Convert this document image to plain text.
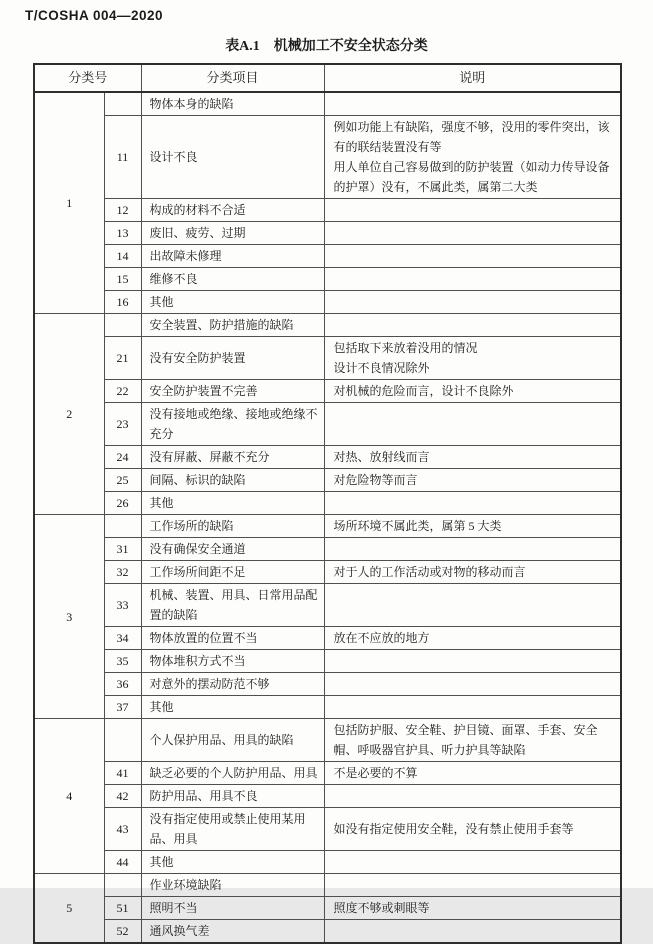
T/COSHA 004—2020
表A.1　机械加工不安全状态分类
分类号		分类项目	说明
1		物体本身的缺陷	
	11	设计不良	例如功能上有缺陷，强度不够，没用的零件突出，该有的联结装置没有等
用人单位自己容易做到的防护装置（如动力传导设备的护罩）没有，不属此类，属第二大类

	12	构成的材料不合适	
	13	废旧、疲劳、过期	
	14	出故障未修理	
	15	维修不良	
	16	其他	
2		安全装置、防护措施的缺陷	
	21	没有安全防护装置	包括取下来放着没用的情况
设计不良情况除外

	22	安全防护装置不完善	对机械的危险而言，设计不良除外

	23	没有接地或绝缘、接地或绝缘不充分	
	24	没有屏蔽、屏蔽不充分	对热、放射线而言

	25	间隔、标识的缺陷	对危险物等而言

	26	其他	
3		工作场所的缺陷	场所环境不属此类，属第 5 大类

	31	没有确保安全通道	
	32	工作场所间距不足	对于人的工作活动或对物的移动而言

	33	机械、装置、用具、日常用品配置的缺陷	
	34	物体放置的位置不当	放在不应放的地方

	35	物体堆积方式不当	
	36	对意外的摆动防范不够	
	37	其他	
4		个人保护用品、用具的缺陷	包括防护服、安全鞋、护目镜、面罩、手套、安全帽、呼吸器官护具、听力护具等缺陷

	41	缺乏必要的个人防护用品、用具	不是必要的不算

	42	防护用品、用具不良	
	43	没有指定使用或禁止使用某用品、用具	如没有指定使用安全鞋，没有禁止使用手套等

	44	其他	
5		作业环境缺陷	
	51	照明不当	照度不够或刺眼等

	52	通风换气差	
